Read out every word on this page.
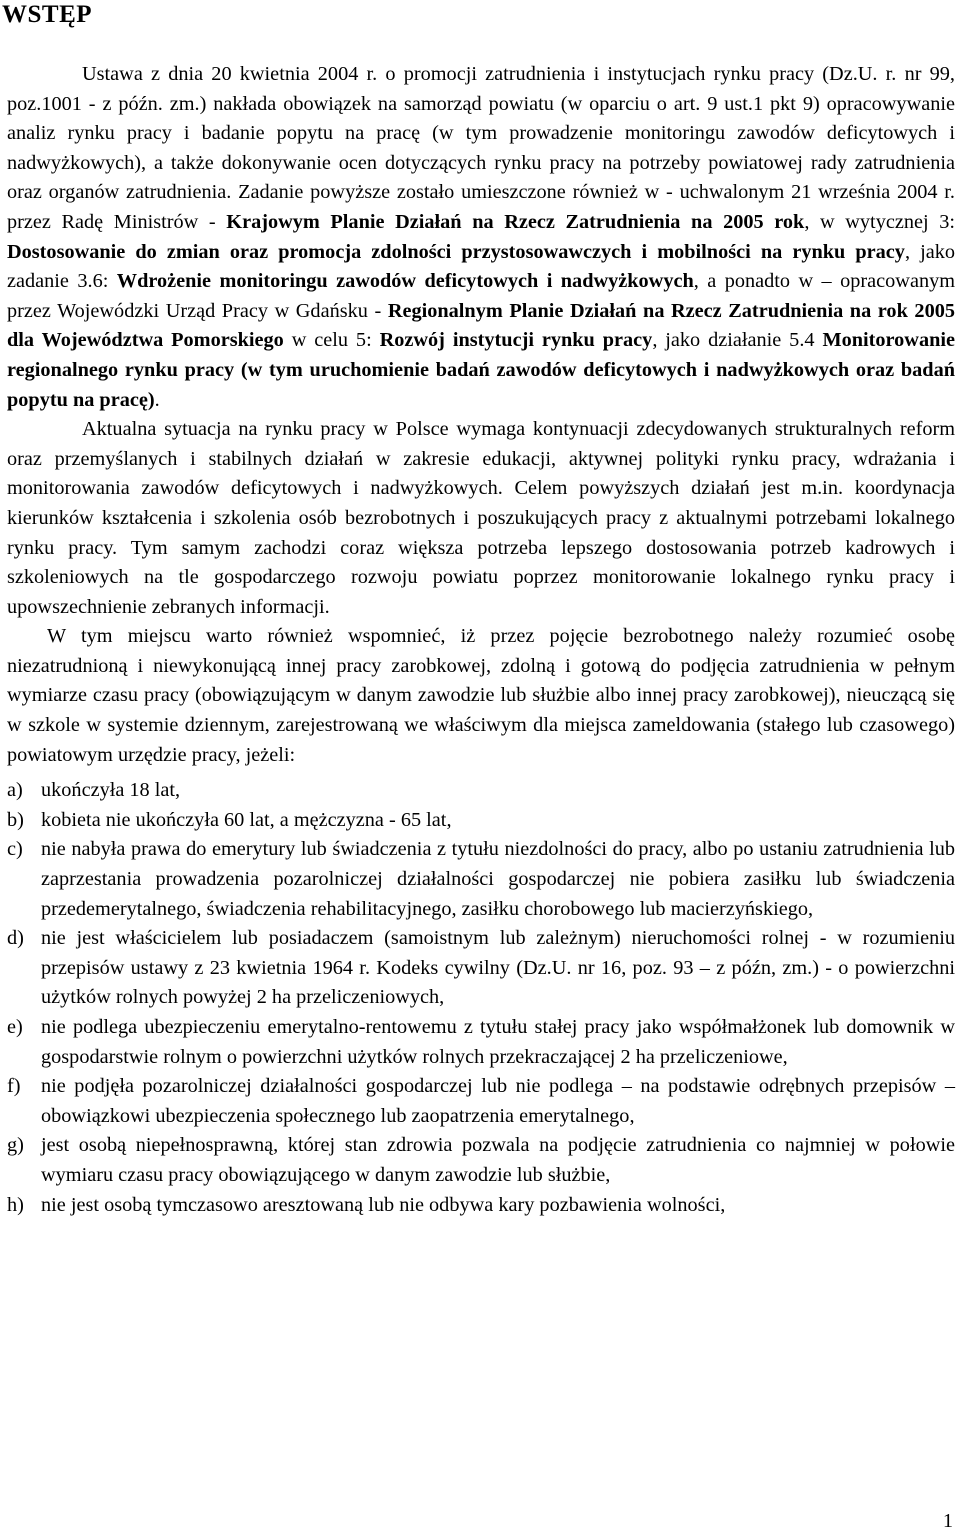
WSTĘP

Ustawa z dnia 20 kwietnia 2004 r. o promocji zatrudnienia i instytucjach rynku pracy (Dz.U. r. nr 99, poz.1001 - z późn. zm.) nakłada obowiązek na samorząd powiatu (w oparciu o art. 9 ust.1 pkt 9) opracowywanie analiz rynku pracy i badanie popytu na pracę (w tym prowadzenie monitoringu zawodów deficytowych i nadwyżkowych), a także dokonywanie ocen dotyczących rynku pracy na potrzeby powiatowej rady zatrudnienia oraz organów zatrudnienia. Zadanie powyższe zostało umieszczone również w - uchwalonym 21 września 2004 r. przez Radę Ministrów - Krajowym Planie Działań na Rzecz Zatrudnienia na 2005 rok, w wytycznej 3: Dostosowanie do zmian oraz promocja zdolności przystosowawczych i mobilności na rynku pracy, jako zadanie 3.6: Wdrożenie monitoringu zawodów deficytowych i nadwyżkowych, a ponadto w – opracowanym przez Wojewódzki Urząd Pracy w Gdańsku - Regionalnym Planie Działań na Rzecz Zatrudnienia na rok 2005 dla Województwa Pomorskiego w celu 5: Rozwój instytucji rynku pracy, jako działanie 5.4 Monitorowanie regionalnego rynku pracy (w tym uruchomienie badań zawodów deficytowych i nadwyżkowych oraz badań popytu na pracę).

Aktualna sytuacja na rynku pracy w Polsce wymaga kontynuacji zdecydowanych strukturalnych reform oraz przemyślanych i stabilnych działań w zakresie edukacji, aktywnej polityki rynku pracy, wdrażania i monitorowania zawodów deficytowych i nadwyżkowych. Celem powyższych działań jest m.in. koordynacja kierunków kształcenia i szkolenia osób bezrobotnych i poszukujących pracy z aktualnymi potrzebami lokalnego rynku pracy. Tym samym zachodzi coraz większa potrzeba lepszego dostosowania potrzeb kadrowych i szkoleniowych na tle gospodarczego rozwoju powiatu poprzez monitorowanie lokalnego rynku pracy i upowszechnienie zebranych informacji.

W tym miejscu warto również wspomnieć, iż przez pojęcie bezrobotnego należy rozumieć osobę niezatrudnioną i niewykonującą innej pracy zarobkowej, zdolną i gotową do podjęcia zatrudnienia w pełnym wymiarze czasu pracy (obowiązującym w danym zawodzie lub służbie albo innej pracy zarobkowej), nieuczącą się w szkole w systemie dziennym, zarejestrowaną we właściwym dla miejsca zameldowania (stałego lub czasowego) powiatowym urzędzie pracy, jeżeli:

a) ukończyła 18 lat,
b) kobieta nie ukończyła 60 lat, a mężczyzna - 65 lat,
c) nie nabyła prawa do emerytury lub świadczenia z tytułu niezdolności do pracy, albo po ustaniu zatrudnienia lub zaprzestania prowadzenia pozarolniczej działalności gospodarczej nie pobiera zasiłku lub świadczenia przedemerytalnego, świadczenia rehabilitacyjnego, zasiłku chorobowego lub macierzyńskiego,
d) nie jest właścicielem lub posiadaczem (samoistnym lub zależnym) nieruchomości rolnej - w rozumieniu przepisów ustawy z 23 kwietnia 1964 r. Kodeks cywilny (Dz.U. nr 16, poz. 93 – z późn, zm.) - o powierzchni użytków rolnych powyżej 2 ha przeliczeniowych,
e) nie podlega ubezpieczeniu emerytalno-rentowemu z tytułu stałej pracy jako współmałżonek lub domownik w gospodarstwie rolnym o powierzchni użytków rolnych przekraczającej 2 ha przeliczeniowe,
f) nie podjęła pozarolniczej działalności gospodarczej lub nie podlega – na podstawie odrębnych przepisów – obowiązkowi ubezpieczenia społecznego lub zaopatrzenia emerytalnego,
g) jest osobą niepełnosprawną, której stan zdrowia pozwala na podjęcie zatrudnienia co najmniej w połowie wymiaru czasu pracy obowiązującego w danym zawodzie lub służbie,
h) nie jest osobą tymczasowo aresztowaną lub nie odbywa kary pozbawienia wolności,
1
